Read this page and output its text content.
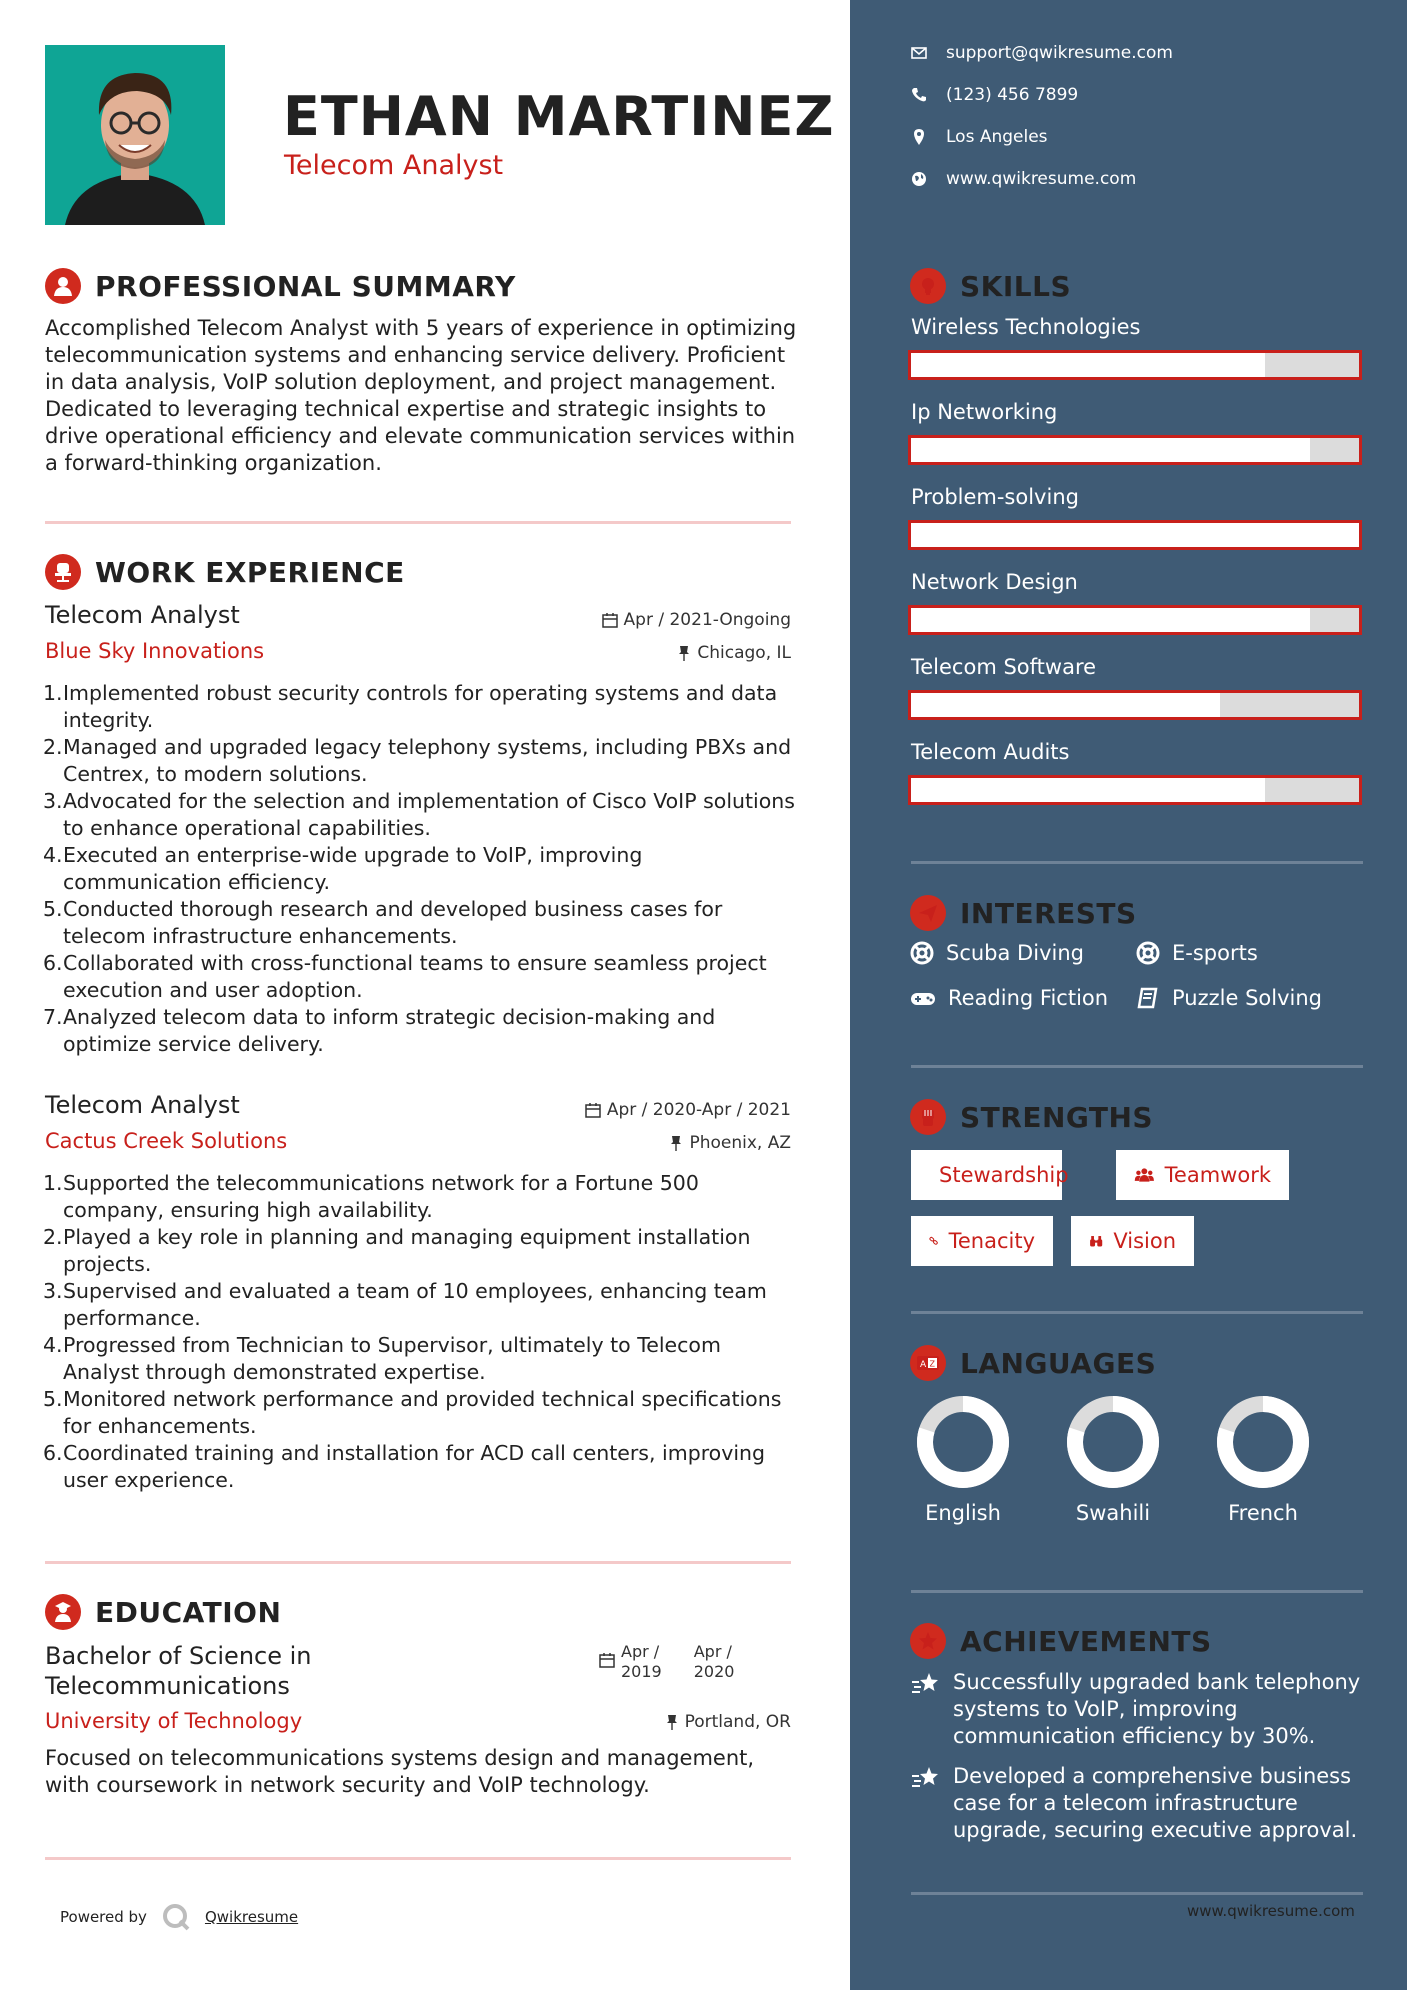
ETHAN MARTINEZ
Telecom Analyst
PROFESSIONAL SUMMARY
Accomplished Telecom Analyst with 5 years of experience in optimizing telecommunication systems and enhancing service delivery. Proficient in data analysis, VoIP solution deployment, and project management. Dedicated to leveraging technical expertise and strategic insights to drive operational efficiency and elevate communication services within a forward-thinking organization.
WORK EXPERIENCE
Telecom Analyst
Blue Sky Innovations
Apr / 2021-Ongoing
Chicago, IL
1. Implemented robust security controls for operating systems and data integrity.
2. Managed and upgraded legacy telephony systems, including PBXs and Centrex, to modern solutions.
3. Advocated for the selection and implementation of Cisco VoIP solutions to enhance operational capabilities.
4. Executed an enterprise-wide upgrade to VoIP, improving communication efficiency.
5. Conducted thorough research and developed business cases for telecom infrastructure enhancements.
6. Collaborated with cross-functional teams to ensure seamless project execution and user adoption.
7. Analyzed telecom data to inform strategic decision-making and optimize service delivery.
Telecom Analyst
Cactus Creek Solutions
Apr / 2020-Apr / 2021
Phoenix, AZ
1. Supported the telecommunications network for a Fortune 500 company, ensuring high availability.
2. Played a key role in planning and managing equipment installation projects.
3. Supervised and evaluated a team of 10 employees, enhancing team performance.
4. Progressed from Technician to Supervisor, ultimately to Telecom Analyst through demonstrated expertise.
5. Monitored network performance and provided technical specifications for enhancements.
6. Coordinated training and installation for ACD call centers, improving user experience.
EDUCATION
Bachelor of Science in
Telecommunications
Apr /
2019
Apr /
2020
University of Technology	Portland, OR
Focused on telecommunications systems design and management, with coursework in network security and VoIP technology.
Powered by	Qwikresume
support@qwikresume.com
(123) 456 7899
Los Angeles
www.qwikresume.com
SKILLS
Wireless Technologies
Ip Networking
Problem-solving
Network Design
Telecom Software
Telecom Audits
INTERESTS
Scuba Diving	E-sports
Reading Fiction	Puzzle Solving
STRENGTHS
Stewardship	Teamwork
Tenacity	Vision
A Z LANGUAGES
English	Swahili	French
ACHIEVEMENTS
Successfully upgraded bank telephony systems to VoIP, improving communication efficiency by 30%.
Developed a comprehensive business case for a telecom infrastructure upgrade, securing executive approval.
www.qwikresume.com
